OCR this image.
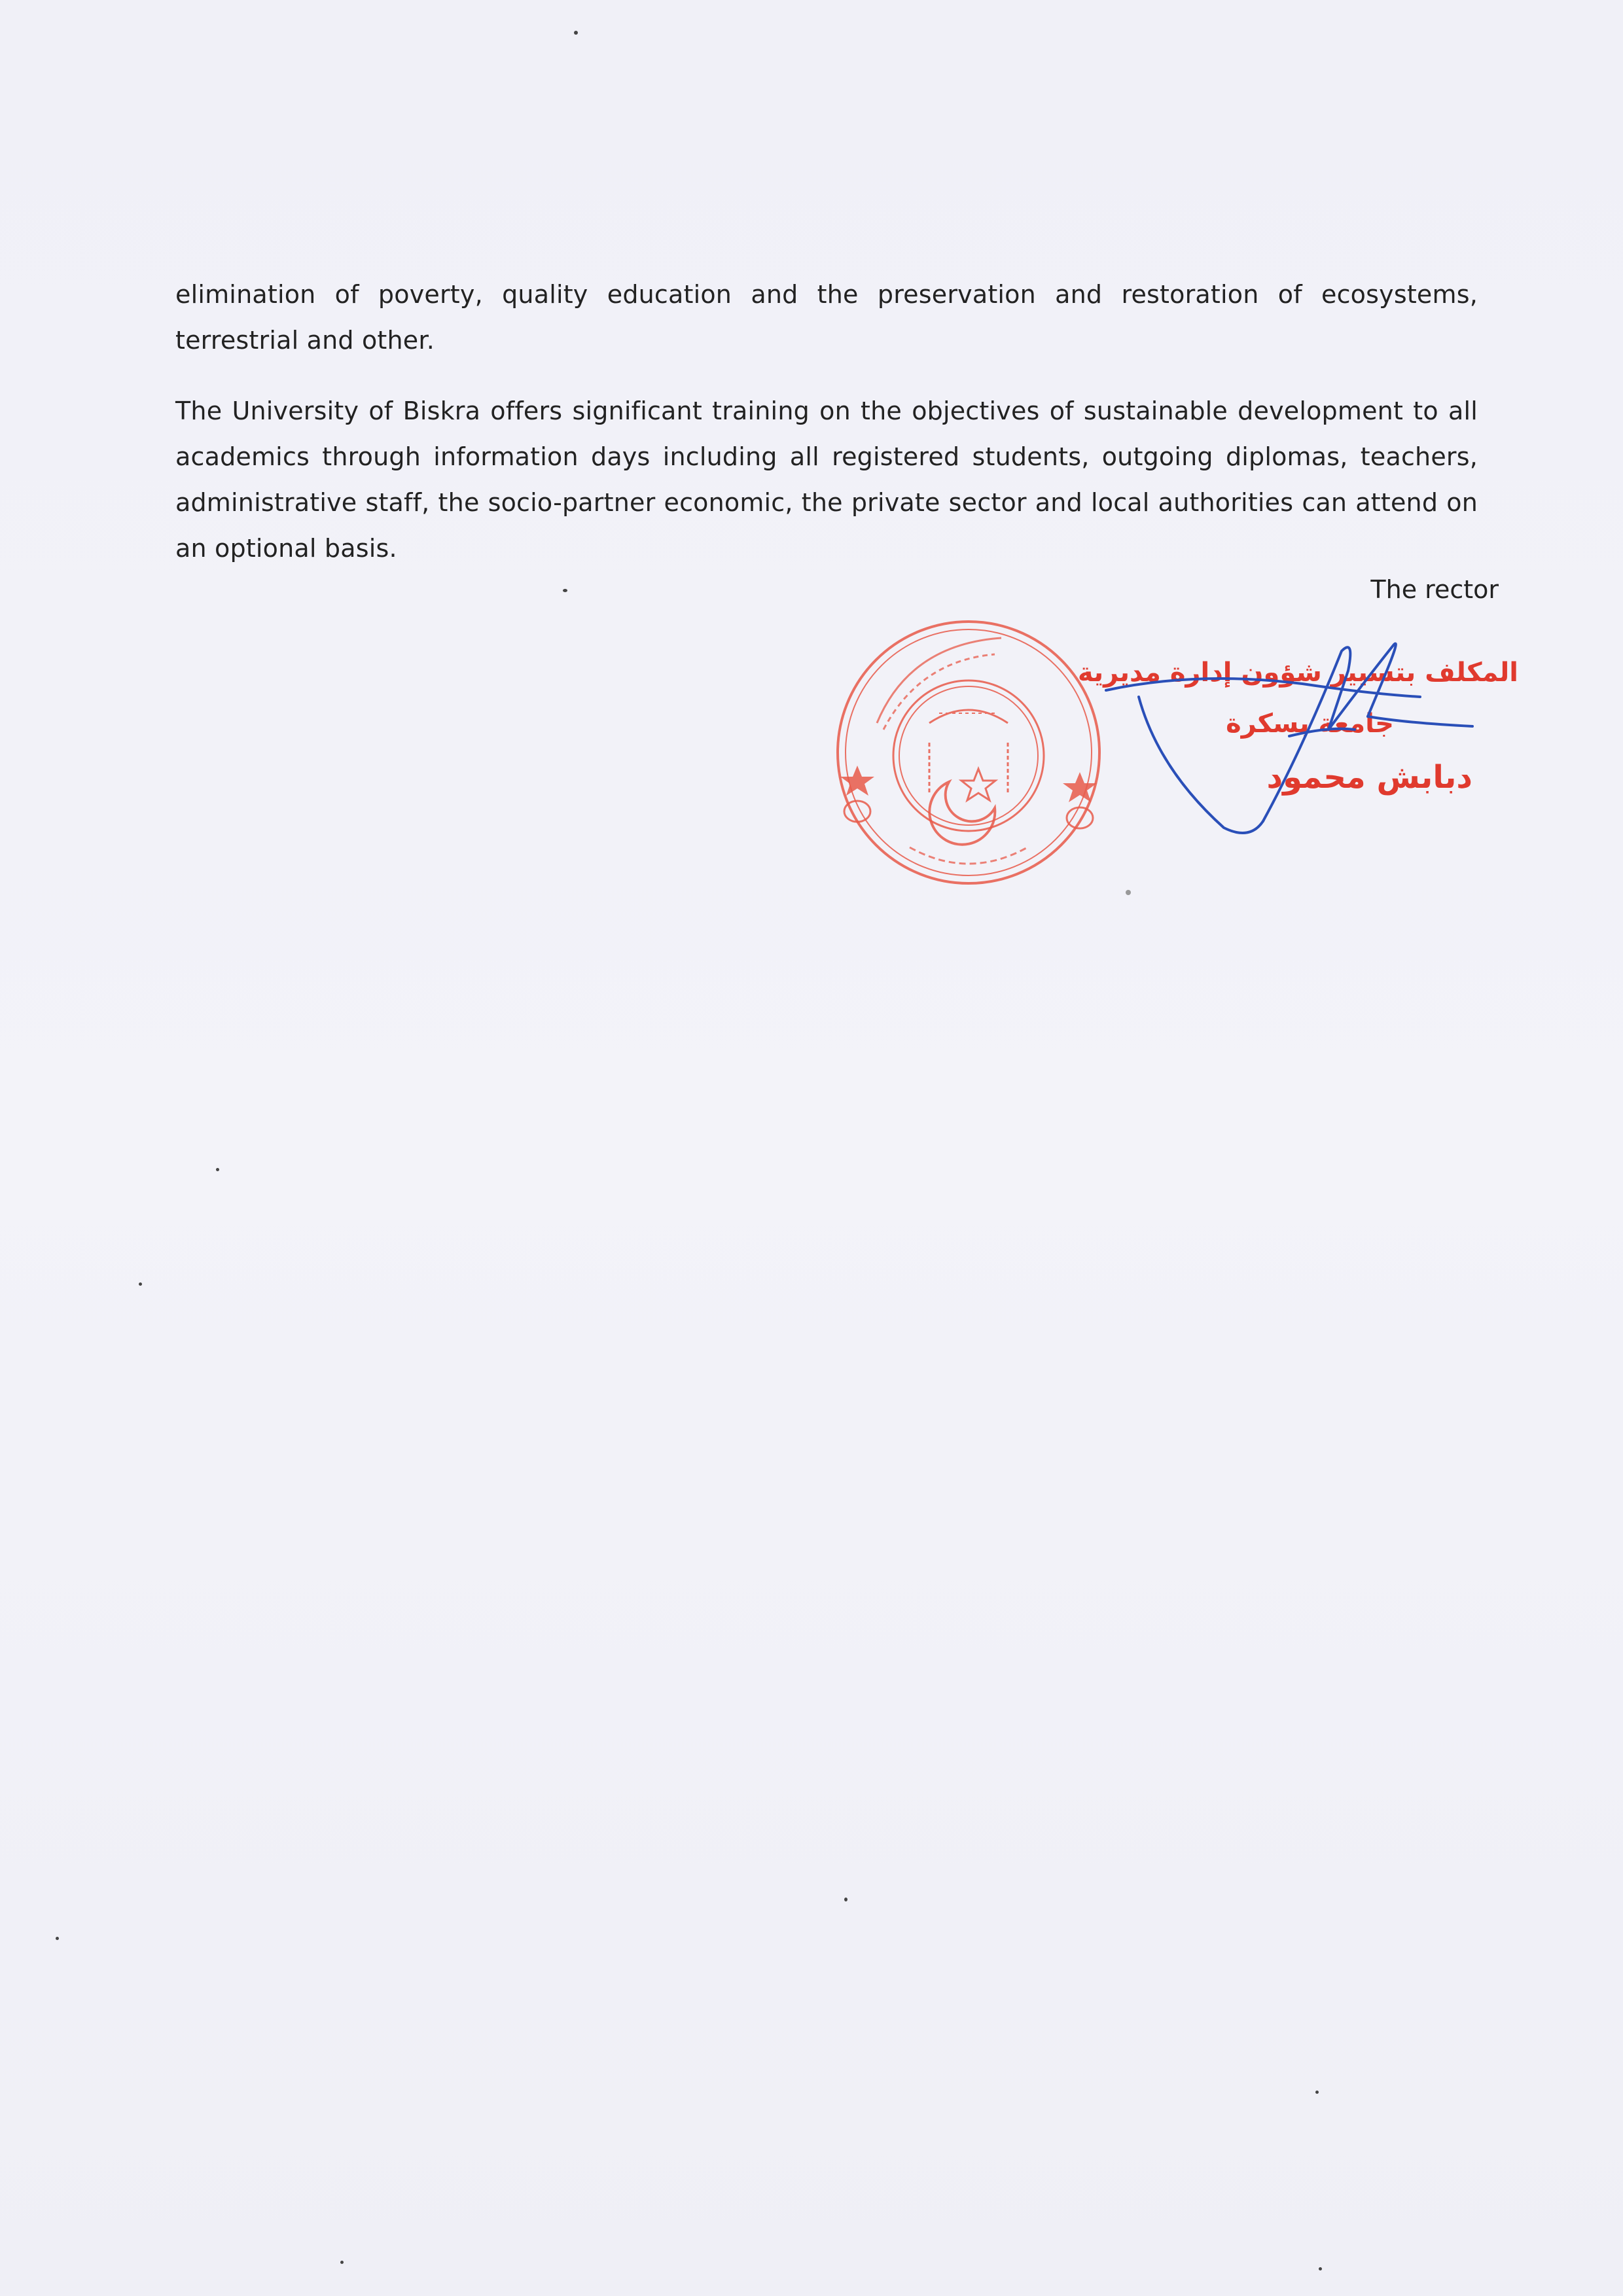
elimination of poverty, quality education and the preservation and restoration of ecosystems, terrestrial and other.

The University of Biskra offers significant training on the objectives of sustainable development to all academics through information days including all registered students, outgoing diplomas, teachers, administrative staff, the socio-partner economic, the private sector and local authorities can attend on an optional basis.

The rector
المكلف بتسيير شؤون إدارة مديرية
جامعة بسكرة
دبابش محمود
